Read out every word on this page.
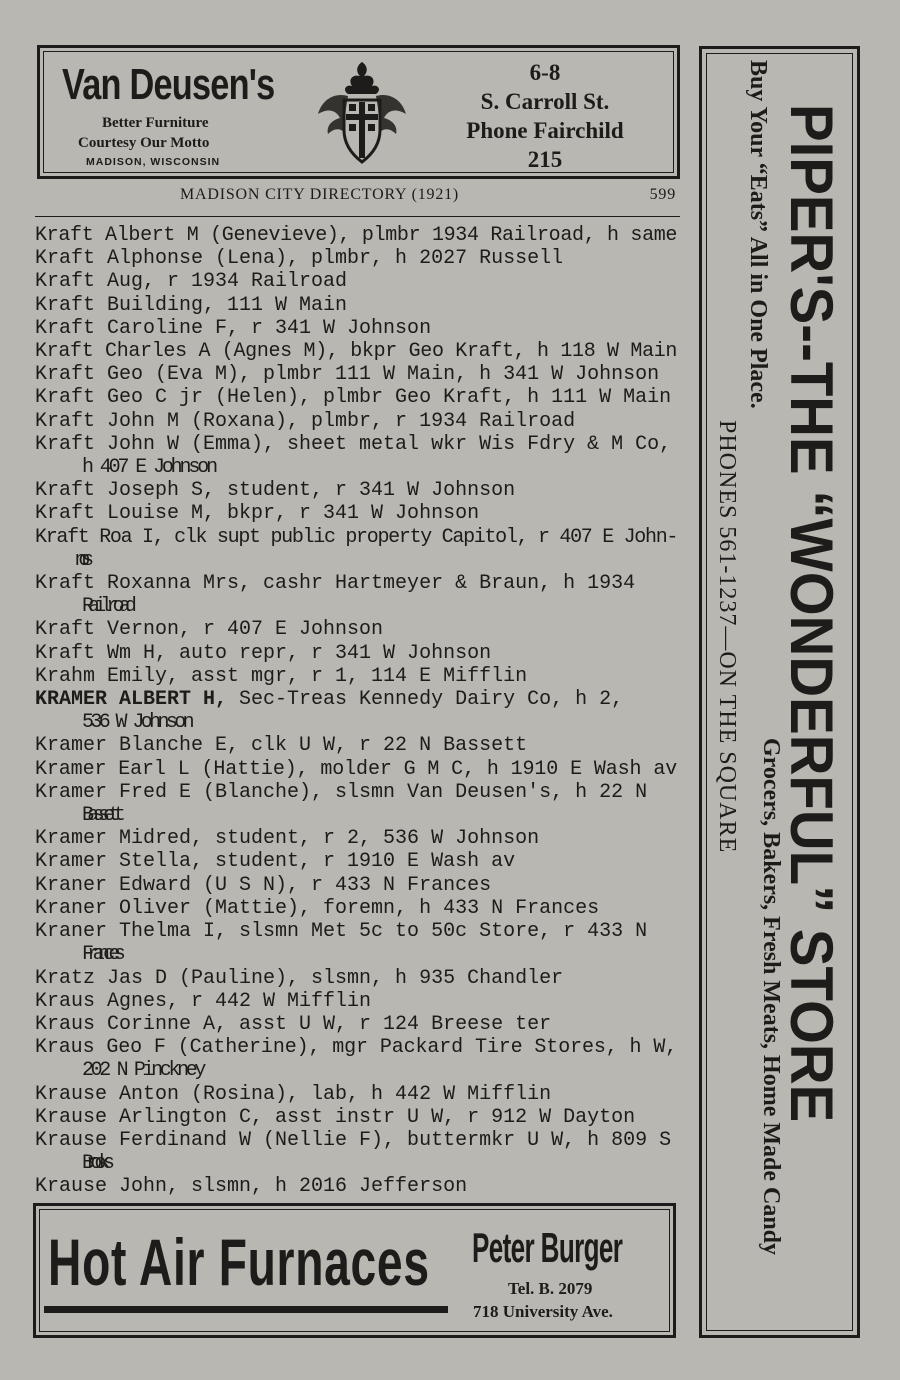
Van Deusen's
Better Furniture
Courtesy Our Motto
MADISON, WISCONSIN
6-8
S. Carroll St.
Phone Fairchild
215
MADISON CITY DIRECTORY (1921)	599
Kraft Albert M (Genevieve), plmbr 1934 Railroad, h same
Kraft Alphonse (Lena), plmbr, h 2027 Russell
Kraft Aug, r 1934 Railroad
Kraft Building, 111 W Main
Kraft Caroline F, r 341 W Johnson
Kraft Charles A (Agnes M), bkpr Geo Kraft, h 118 W Main
Kraft Geo (Eva M), plmbr 111 W Main, h 341 W Johnson
Kraft Geo C jr (Helen), plmbr Geo Kraft, h 111 W Main
Kraft John M (Roxana), plmbr, r 1934 Railroad
Kraft John W (Emma), sheet metal wkr Wis Fdry & M Co,
h 407 E Johnson
Kraft Joseph S, student, r 341 W Johnson
Kraft Louise M, bkpr, r 341 W Johnson
Kraft Roa I, clk supt public property Capitol, r 407 E John-
Kraft Roxanna Mrs, cashr Hartmeyer & Braun, h 1934
Railroad
Kraft Vernon, r 407 E Johnson
Kraft Wm H, auto repr, r 341 W Johnson
Krahm Emily, asst mgr, r 1, 114 E Mifflin
KRAMER ALBERT H, Sec-Treas Kennedy Dairy Co, h 2,
536 W Johnson
Kramer Blanche E, clk U W, r 22 N Bassett
Kramer Earl L (Hattie), molder G M C, h 1910 E Wash av
Kramer Fred E (Blanche), slsmn Van Deusen's, h 22 N
Bassett
Kramer Midred, student, r 2, 536 W Johnson
Kramer Stella, student, r 1910 E Wash av
Kraner Edward (U S N), r 433 N Frances
Kraner Oliver (Mattie), foremn, h 433 N Frances
Kraner Thelma I, slsmn Met 5c to 50c Store, r 433 N
Frances
Kratz Jas D (Pauline), slsmn, h 935 Chandler
Kraus Agnes, r 442 W Mifflin
Kraus Corinne A, asst U W, r 124 Breese ter
Kraus Geo F (Catherine), mgr Packard Tire Stores, h W,
202 N Pinckney
Krause Anton (Rosina), lab, h 442 W Mifflin
Krause Arlington C, asst instr U W, r 912 W Dayton
Krause Ferdinand W (Nellie F), buttermkr U W, h 809 S
Brooks
Krause John, slsmn, h 2016 Jefferson
Hot Air Furnaces Peter Burger
Tel. B. 2079
718 University Ave.
PIPER'S--THE “WONDERFUL” STORE
Buy Your “Eats” All in One Place.
Grocers, Bakers, Fresh Meats, Home Made Candy
PHONES 561-1237—ON THE SQUARE
